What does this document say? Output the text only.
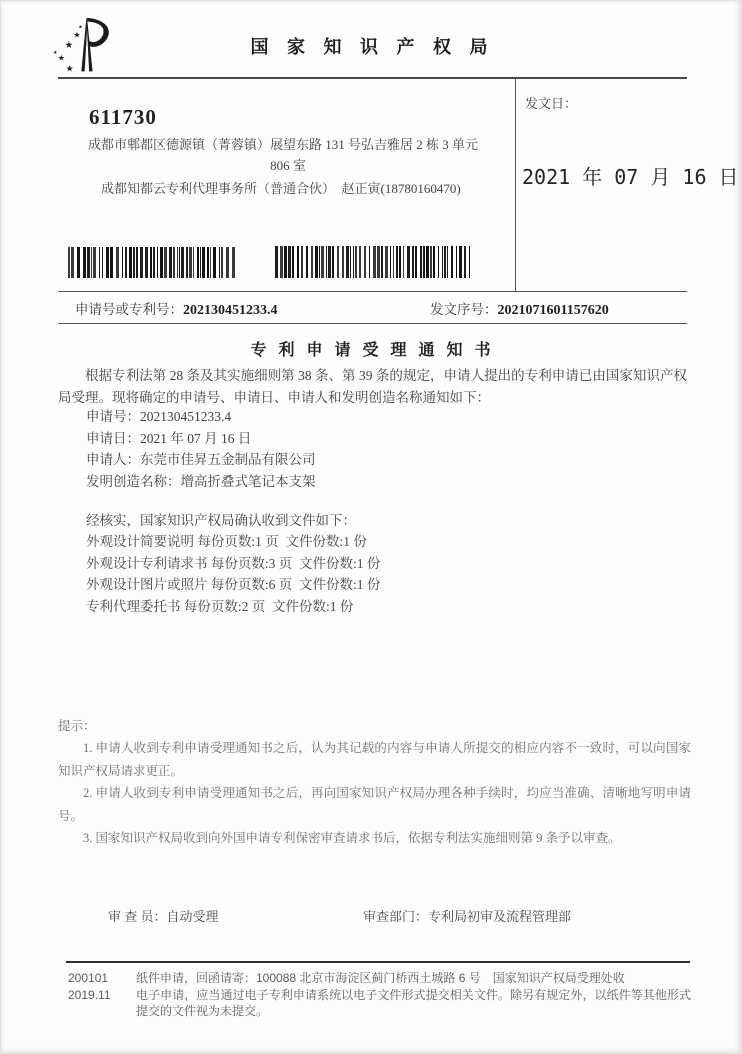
★
★
★
★
★
★
国 家 知 识 产 权 局
611730
成都市郫都区德源镇（菁蓉镇）展望东路 131 号弘吉雅居 2 栋 3 单元
806 室
成都知都云专利代理事务所（普通合伙）  赵正寅(18780160470)
发文日：
2021 年 07 月 16 日
申请号或专利号：202130451233.4	发文序号：2021071601157620
专 利 申 请 受 理 通 知 书

根据专利法第 28 条及其实施细则第 38 条、第 39 条的规定，申请人提出的专利申请已由国家知识产权局受理。现将确定的申请号、申请日、申请人和发明创造名称通知如下：

申请号：202130451233.4
申请日：2021 年 07 月 16 日
申请人：东莞市佳昇五金制品有限公司
发明创造名称：增高折叠式笔记本支架
经核实，国家知识产权局确认收到文件如下：
外观设计简要说明 每份页数:1 页  文件份数:1 份
外观设计专利请求书 每份页数:3 页  文件份数:1 份
外观设计图片或照片 每份页数:6 页  文件份数:1 份
专利代理委托书 每份页数:2 页  文件份数:1 份

提示：

1. 申请人收到专利申请受理通知书之后，认为其记载的内容与申请人所提交的相应内容不一致时，可以向国家知识产权局请求更正。

2. 申请人收到专利申请受理通知书之后，再向国家知识产权局办理各种手续时，均应当准确、清晰地写明申请号。

3. 国家知识产权局收到向外国申请专利保密审查请求书后，依据专利法实施细则第 9 条予以审查。

审 查 员：自动受理	审查部门：专利局初审及流程管理部
200101
2019.11
纸件申请，回函请寄：100088 北京市海淀区蓟门桥西土城路 6 号　国家知识产权局受理处收
电子申请，应当通过电子专利申请系统以电子文件形式提交相关文件。除另有规定外，以纸件等其他形式提交的文件视为未提交。
